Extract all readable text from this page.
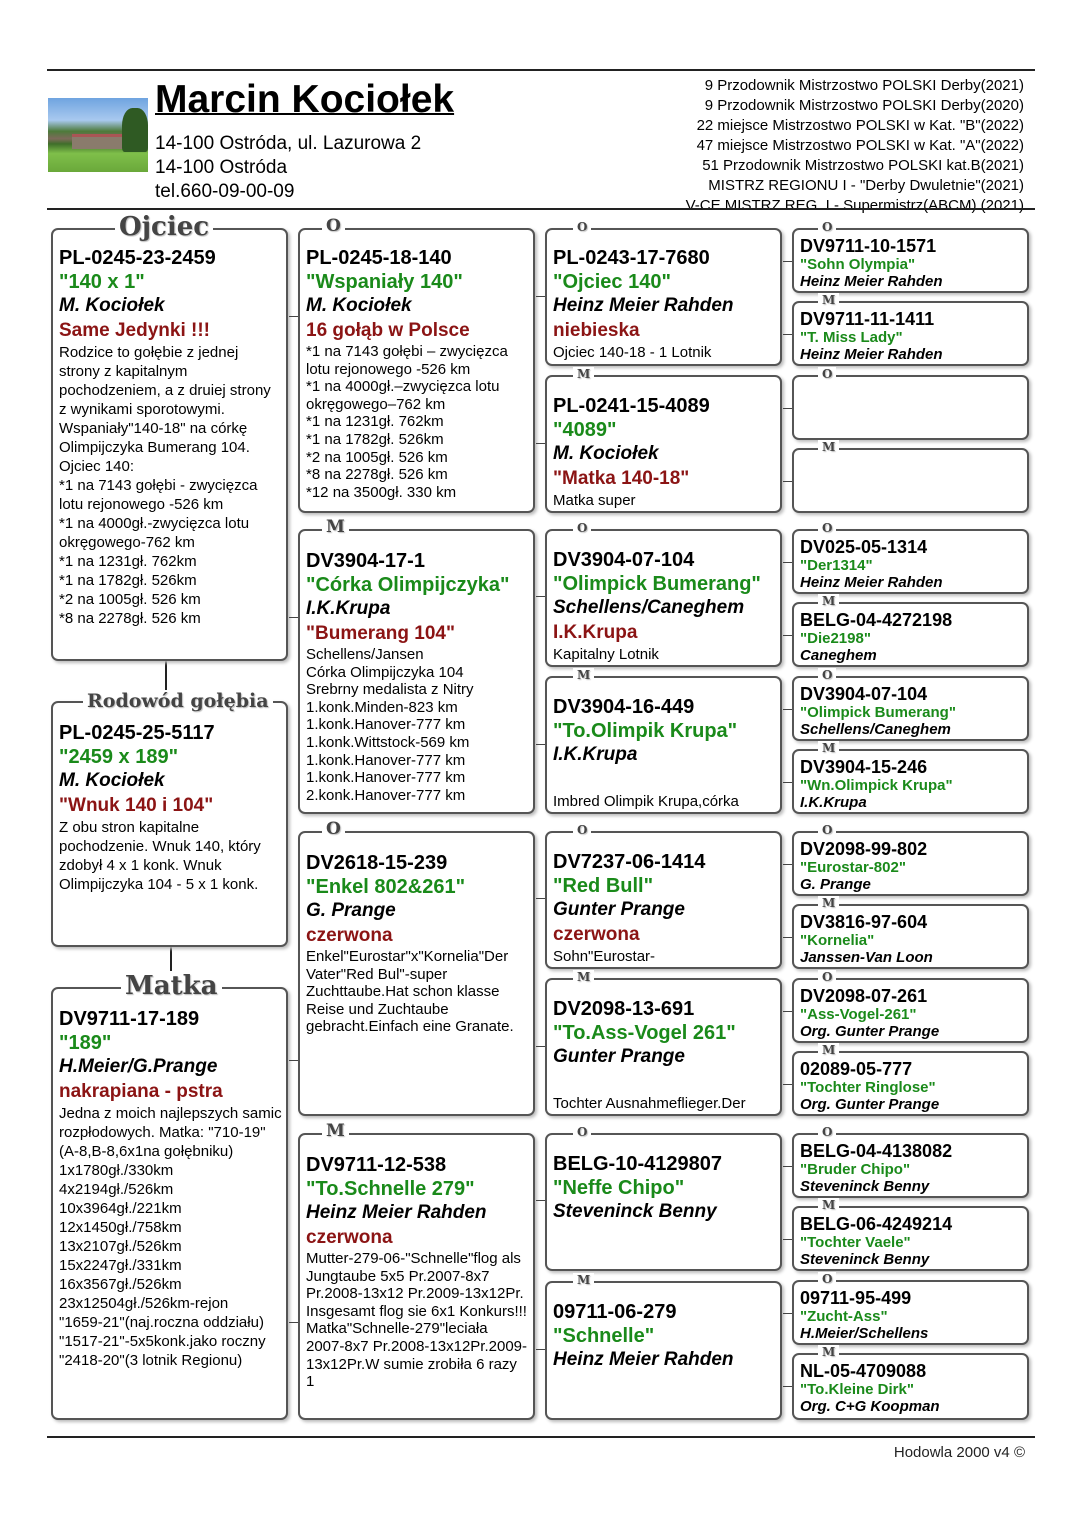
Marcin Kociołek
14-100 Ostróda, ul. Lazurowa 2
14-100 Ostróda
tel.660-09-00-09
9 Przodownik Mistrzostwo POLSKI Derby(2021)
9 Przodownik Mistrzostwo POLSKI Derby(2020)
22 miejsce Mistrzostwo POLSKI w Kat. "B"(2022)
47 miejsce Mistrzostwo POLSKI w Kat. "A"(2022)
51 Przodownik Mistrzostwo POLSKI kat.B(2021)
MISTRZ REGIONU I - "Derby Dwuletnie"(2021)
V-CE MISTRZ REG. I - Supermistrz(ABCM) (2021)
Ojciec
PL-0245-23-2459
"140 x 1"
M. Kociołek
Same Jedynki !!!
Rodzice to gołębie z jednej strony z kapitalnym pochodzeniem, a z druiej strony z wynikami sporotowymi. Wspaniały"140-18" na córkę Olimpijczyka Bumerang 104.
Ojciec 140:
*1 na 7143 gołębi - zwycięzca lotu rejonowego -526 km
*1 na 4000gł.-zwycięzca lotu okręgowego-762 km
*1 na 1231gł. 762km
*1 na 1782gł. 526km
*2 na 1005gł. 526 km
*8 na 2278gł. 526 km
Rodowód gołębia
PL-0245-25-5117
"2459 x 189"
M. Kociołek
"Wnuk 140 i 104"
Z obu stron kapitalne pochodzenie. Wnuk 140, który zdobył 4 x 1 konk. Wnuk Olimpijczyka 104 - 5 x 1 konk.
Matka
DV9711-17-189
"189"
H.Meier/G.Prange
nakrapiana - pstra
Jedna z moich najlepszych samic rozpłodowych. Matka: "710-19"
(A-8,B-8,6x1na gołębniku)
1x1780gł./330km
4x2194gł./526km
10x3964gł./221km
12x1450gł./758km
13x2107gł./526km
15x2247gł./331km
16x3567gł./526km
23x12504gł./526km-rejon
"1659-21"(naj.roczna oddziału)
"1517-21"-5x5konk.jako roczny
"2418-20"(3 lotnik Regionu)
O
PL-0245-18-140
"Wspaniały 140"
M. Kociołek
16 gołąb w Polsce
*1 na 7143 gołębi – zwycięzca lotu rejonowego -526 km
*1 na 4000gł.–zwycięzca lotu okręgowego–762 km
*1 na 1231gł. 762km
*1 na 1782gł. 526km
*2 na 1005gł. 526 km
*8 na 2278gł. 526 km
*12 na 3500gł. 330 km
M
DV3904-17-1
"Córka Olimpijczyka"
I.K.Krupa
"Bumerang 104"
Schellens/Jansen
Córka Olimpijczyka 104
Srebrny medalista z Nitry
1.konk.Minden-823 km
1.konk.Hanover-777 km
1.konk.Wittstock-569 km
1.konk.Hanover-777 km
1.konk.Hanover-777 km
2.konk.Hanover-777 km
O
DV2618-15-239
"Enkel 802&261"
G. Prange
czerwona
Enkel"Eurostar"x"Kornelia"Der Vater"Red Bul"-super Zuchttaube.Hat schon klasse Reise und Zuchtaube gebracht.Einfach eine Granate.
M
DV9711-12-538
"To.Schnelle 279"
Heinz Meier Rahden
czerwona
Mutter-279-06-"Schnelle"flog als Jungtaube 5x5 Pr.2007-8x7 Pr.2008-13x12 Pr.2009-13x12Pr. Insgesamt flog sie 6x1 Konkurs!!!
Matka"Schnelle-279"leciała 2007-8x7 Pr.2008-13x12Pr.2009-13x12Pr.W sumie zrobiła 6 razy 1
O
PL-0243-17-7680
"Ojciec 140"
Heinz Meier Rahden
niebieska
Ojciec 140-18 - 1 Lotnik
M
PL-0241-15-4089
"4089"
M. Kociołek
"Matka 140-18"
Matka super
O
DV3904-07-104
"Olimpick Bumerang"
Schellens/Caneghem
I.K.Krupa
Kapitalny Lotnik
M
DV3904-16-449
"To.Olimpik Krupa"
I.K.Krupa
Imbred Olimpik Krupa,córka
O
DV7237-06-1414
"Red Bull"
Gunter Prange
czerwona
Sohn"Eurostar-
M
DV2098-13-691
"To.Ass-Vogel 261"
Gunter Prange
Tochter Ausnahmeflieger.Der
O
BELG-10-4129807
"Neffe Chipo"
Steveninck Benny
M
09711-06-279
"Schnelle"
Heinz Meier Rahden
O
DV9711-10-1571
"Sohn Olympia"
Heinz Meier Rahden
M
DV9711-11-1411
"T. Miss Lady"
Heinz Meier Rahden
O
M
O
DV025-05-1314
"Der1314"
Heinz Meier Rahden
M
BELG-04-4272198
"Die2198"
Caneghem
O
DV3904-07-104
"Olimpick Bumerang"
Schellens/Caneghem
M
DV3904-15-246
"Wn.Olimpick Krupa"
I.K.Krupa
O
DV2098-99-802
"Eurostar-802"
G. Prange
M
DV3816-97-604
"Kornelia"
Janssen-Van Loon
O
DV2098-07-261
"Ass-Vogel-261"
Org. Gunter Prange
M
02089-05-777
"Tochter Ringlose"
Org. Gunter Prange
O
BELG-04-4138082
"Bruder Chipo"
Steveninck Benny
M
BELG-06-4249214
"Tochter Vaele"
Steveninck Benny
O
09711-95-499
"Zucht-Ass"
H.Meier/Schellens
M
NL-05-4709088
"To.Kleine Dirk"
Org. C+G Koopman
Hodowla 2000 v4 ©
